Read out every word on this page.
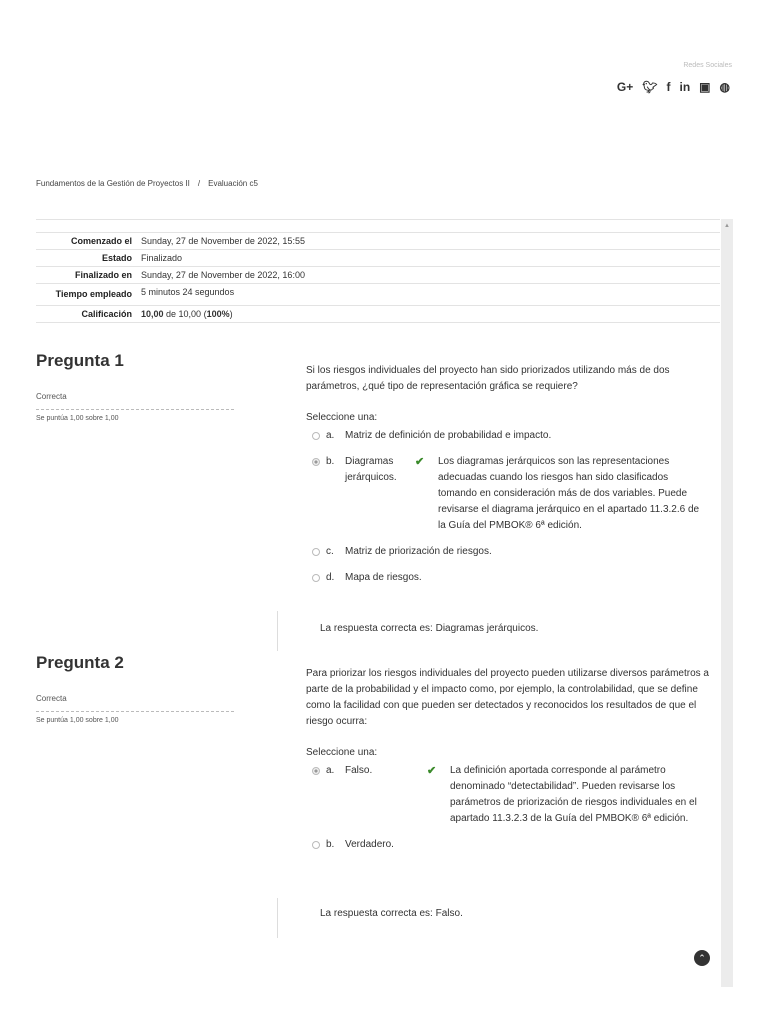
Redes Sociales
G+ 🐦︎ f in ▣ ◍
Fundamentos de la Gestión de Proyectos II / Evaluación c5
▲
Comenzado el	Sunday, 27 de November de 2022, 15:55
Estado	Finalizado
Finalizado en	Sunday, 27 de November de 2022, 16:00
Tiempo empleado	5 minutos 24 segundos
Calificación	10,00 de 10,00 (100%)
Pregunta 1
Correcta
Se puntúa 1,00 sobre 1,00
Si los riesgos individuales del proyecto han sido priorizados utilizando más de dos parámetros, ¿qué tipo de representación gráfica se requiere?
Seleccione una:
a.	Matriz de definición de probabilidad e impacto.
b.	Diagramas jerárquicos.
✔	Los diagramas jerárquicos son las representaciones adecuadas cuando los riesgos han sido clasificados tomando en consideración más de dos variables. Puede revisarse el diagrama jerárquico en el apartado 11.3.2.6 de la Guía del PMBOK® 6ª edición.
c.	Matriz de priorización de riesgos.
d.	Mapa de riesgos.
La respuesta correcta es: Diagramas jerárquicos.
Pregunta 2
Correcta
Se puntúa 1,00 sobre 1,00
Para priorizar los riesgos individuales del proyecto pueden utilizarse diversos parámetros a parte de la probabilidad y el impacto como, por ejemplo, la controlabilidad, que se define como la facilidad con que pueden ser detectados y reconocidos los resultados de que el riesgo ocurra:
Seleccione una:
a.	Falso.	✔	La definición aportada corresponde al parámetro denominado “detectabilidad”. Pueden revisarse los parámetros de priorización de riesgos individuales en el apartado 11.3.2.3 de la Guía del PMBOK® 6ª edición.
b.	Verdadero.
La respuesta correcta es: Falso.
⌃
